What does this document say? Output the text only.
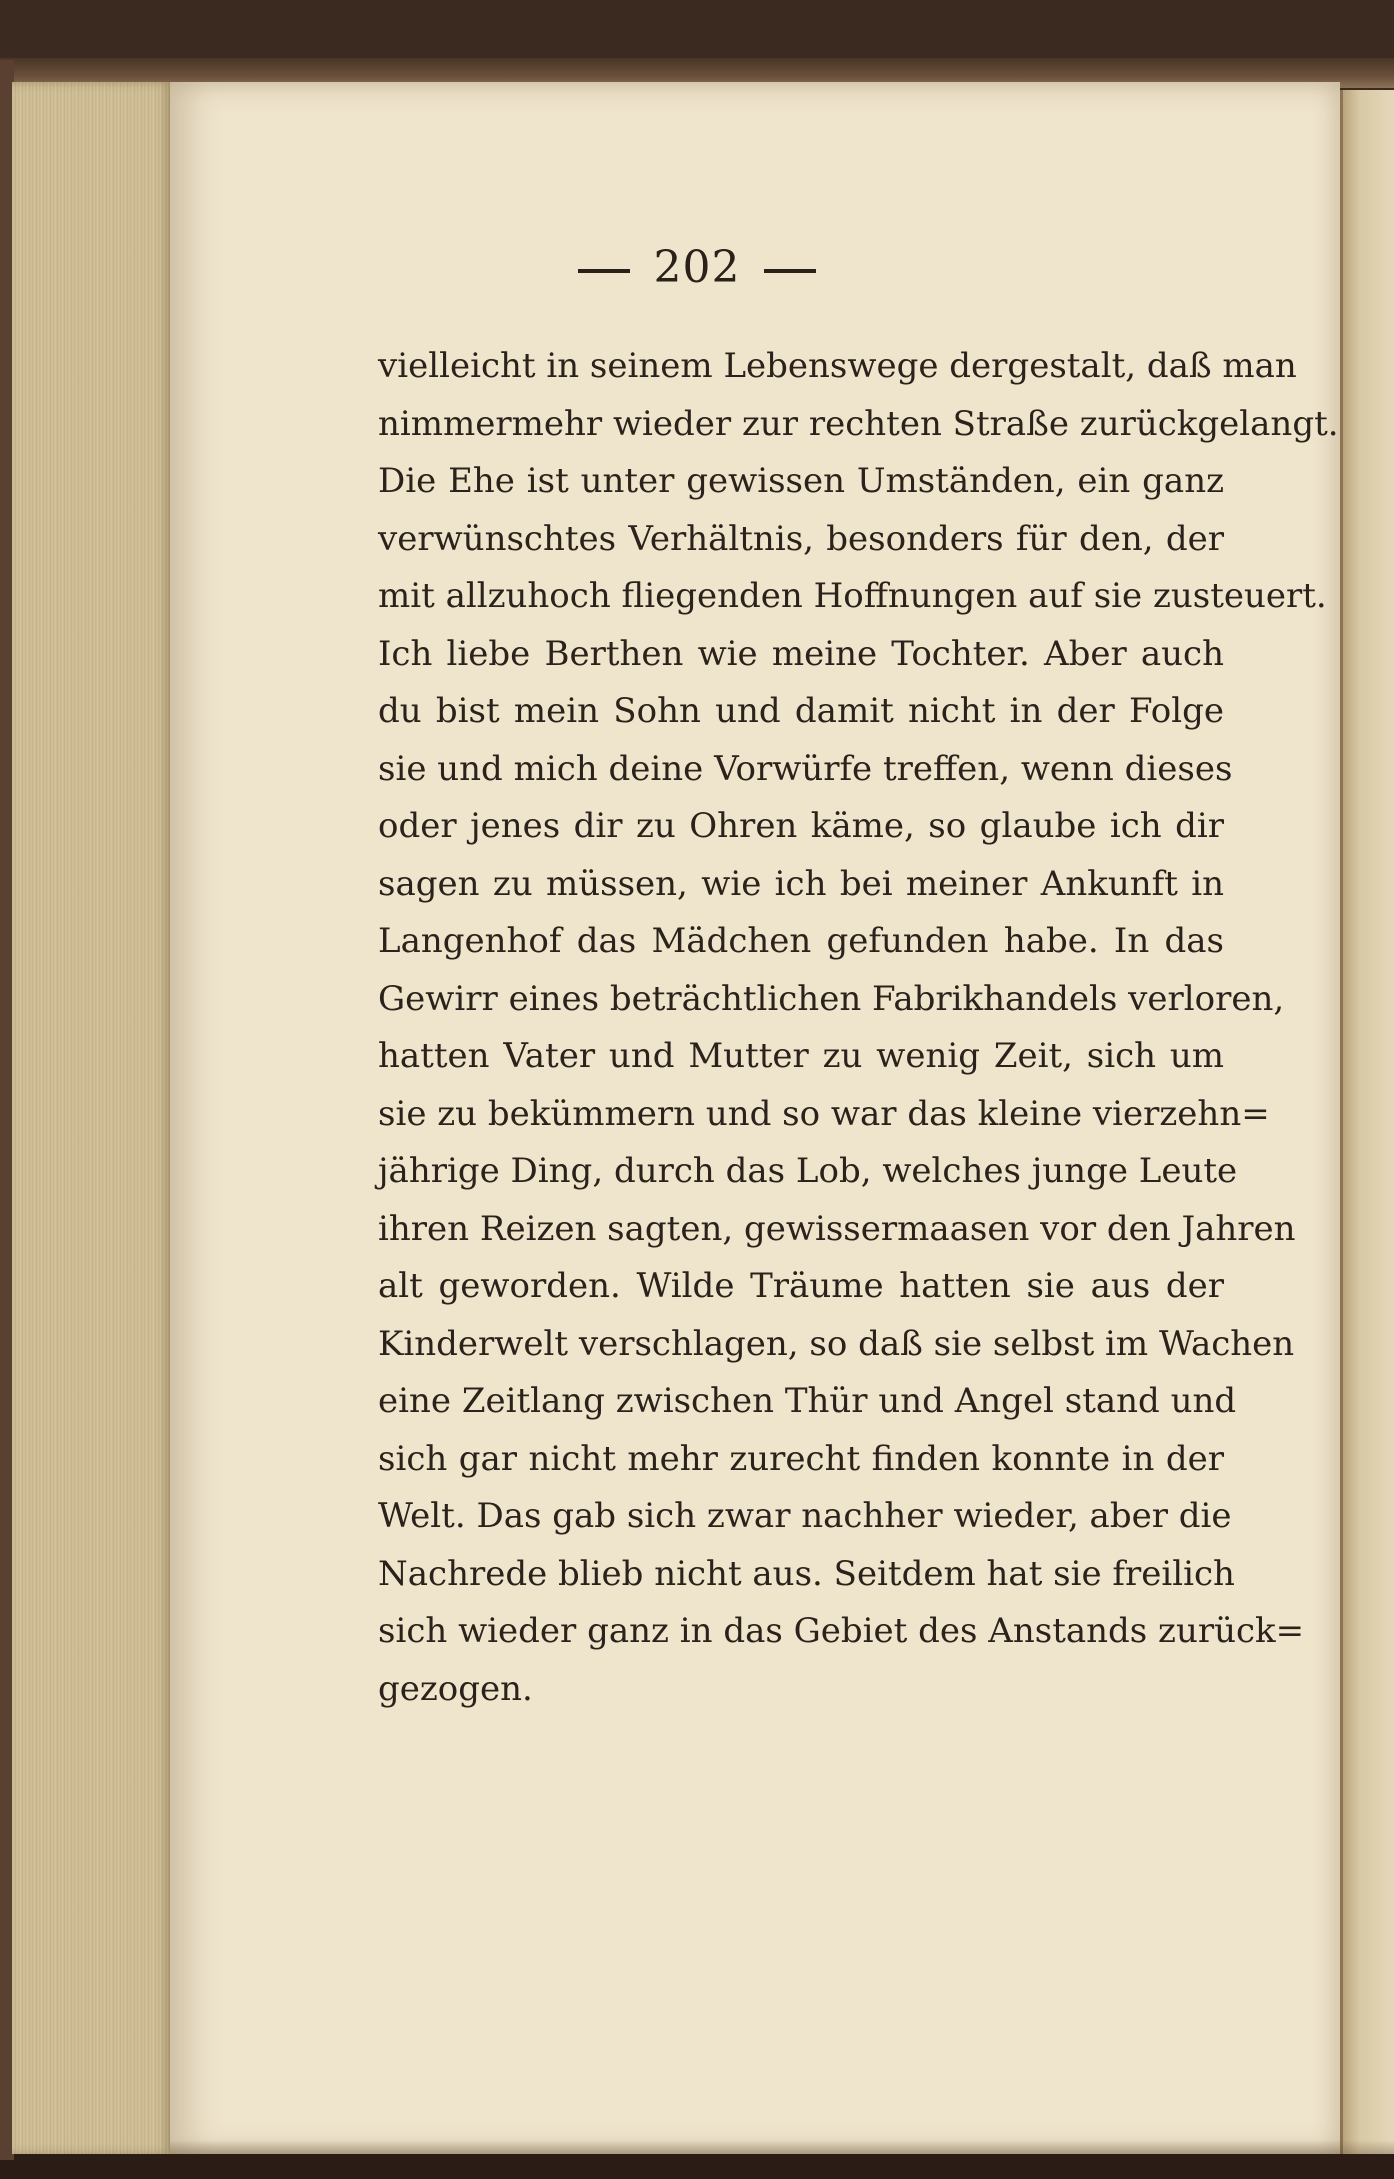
202
vielleicht in seinem Lebenswege dergestalt, daß man
nimmermehr wieder zur rechten Straße zurückgelangt.
Die Ehe ist unter gewissen Umständen, ein ganz
verwünschtes Verhältnis, besonders für den, der
mit allzuhoch fliegenden Hoffnungen auf sie zusteuert.
Ich liebe Berthen wie meine Tochter. Aber auch
du bist mein Sohn und damit nicht in der Folge
sie und mich deine Vorwürfe treffen, wenn dieses
oder jenes dir zu Ohren käme, so glaube ich dir
sagen zu müssen, wie ich bei meiner Ankunft in
Langenhof das Mädchen gefunden habe. In das
Gewirr eines beträchtlichen Fabrikhandels verloren,
hatten Vater und Mutter zu wenig Zeit, sich um
sie zu bekümmern und so war das kleine vierzehn=
jährige Ding, durch das Lob, welches junge Leute
ihren Reizen sagten, gewissermaasen vor den Jahren
alt geworden. Wilde Träume hatten sie aus der
Kinderwelt verschlagen, so daß sie selbst im Wachen
eine Zeitlang zwischen Thür und Angel stand und
sich gar nicht mehr zurecht finden konnte in der
Welt. Das gab sich zwar nachher wieder, aber die
Nachrede blieb nicht aus. Seitdem hat sie freilich
sich wieder ganz in das Gebiet des Anstands zurück=
gezogen.
